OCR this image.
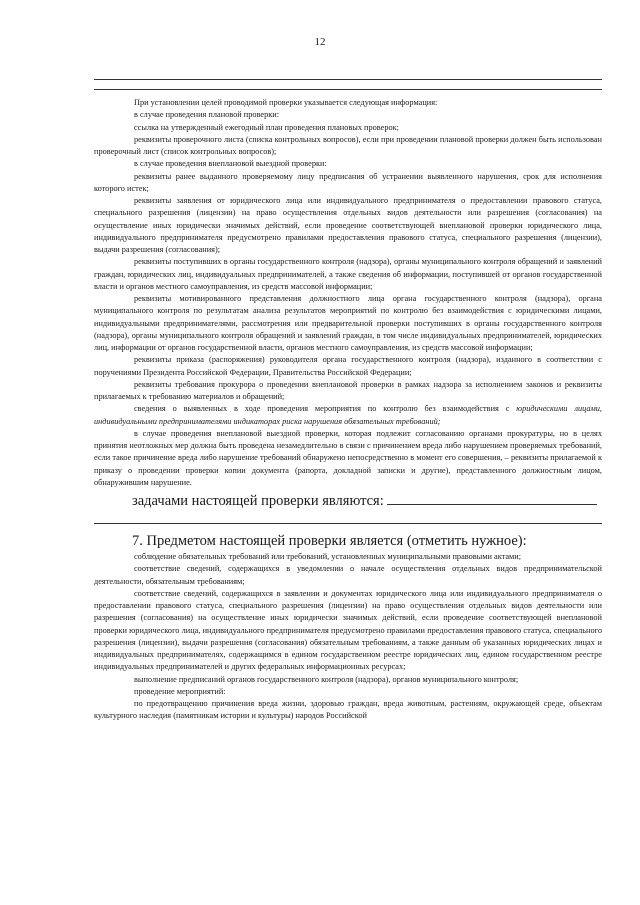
12

При установлении целей проводимой проверки указывается следующая информация:

в случае проведения плановой проверки:

ссылка на утвержденный ежегодный план проведения плановых проверок;

реквизиты проверочного листа (списка контрольных вопросов), если при проведении плановой проверки должен быть использован проверочный лист (список контрольных вопросов);

в случае проведения внеплановой выездной проверки:

реквизиты ранее выданного проверяемому лицу предписания об устранении выявленного нарушения, срок для исполнения которого истек;

реквизиты заявления от юридического лица или индивидуального предпринимателя о предоставлении правового статуса, специального разрешения (лицензии) на право осуществления отдельных видов деятельности или разрешения (согласования) на осуществление иных юридически значимых действий, если проведение соответствующей внеплановой проверки юридического лица, индивидуального предпринимателя предусмотрено правилами предоставления правового статуса, специального разрешения (лицензии), выдачи разрешения (согласования);

реквизиты поступивших в органы государственного контроля (надзора), органы муниципального контроля обращений и заявлений граждан, юридических лиц, индивидуальных предпринимателей, а также сведения об информации, поступившей от органов государственной власти и органов местного самоуправления, из средств массовой информации;

реквизиты мотивированного представления должностного лица органа государственного контроля (надзора), органа муниципального контроля по результатам анализа результатов мероприятий по контролю без взаимодействия с юридическими лицами, индивидуальными предпринимателями, рассмотрения или предварительной проверки поступивших в органы государственного контроля (надзора), органы муниципального контроля обращений и заявлений граждан, в том числе индивидуальных предпринимателей, юридических лиц, информации от органов государственной власти, органов местного самоуправления, из средств массовой информации;

реквизиты приказа (распоряжения) руководителя органа государственного контроля (надзора), изданного в соответствии с поручениями Президента Российской Федерации, Правительства Российской Федерации;

реквизиты требования прокурора о проведении внеплановой проверки в рамках надзора за исполнением законов и реквизиты прилагаемых к требованию материалов и обращений;

сведения о выявленных в ходе проведения мероприятия по контролю без взаимодействия с юридическими лицами, индивидуальными предпринимателями индикаторах риска нарушения обязательных требований;

в случае проведения внеплановой выездной проверки, которая подлежит согласованию органами прокуратуры, но в целях принятия неотложных мер должна быть проведена незамедлительно в связи с причинением вреда либо нарушением проверяемых требований, если такое причинение вреда либо нарушение требований обнаружено непосредственно в момент его совершения, – реквизиты прилагаемой к приказу о проведении проверки копии документа (рапорта, докладной записки и другие), представленного должностным лицом, обнаружившим нарушение.

задачами настоящей проверки являются:
7. Предметом настоящей проверки является (отметить нужное):

соблюдение обязательных требований или требований, установленных муниципальными правовыми актами;

соответствие сведений, содержащихся в уведомлении о начале осуществления отдельных видов предпринимательской деятельности, обязательным требованиям;

соответствие сведений, содержащихся в заявлении и документах юридического лица или индивидуального предпринимателя о предоставлении правового статуса, специального разрешения (лицензии) на право осуществления отдельных видов деятельности или разрешения (согласования) на осуществление иных юридически значимых действий, если проведение соответствующей внеплановой проверки юридического лица, индивидуального предпринимателя предусмотрено правилами предоставления правового статуса, специального разрешения (лицензии), выдачи разрешения (согласования) обязательным требованиям, а также данным об указанных юридических лицах и индивидуальных предпринимателях, содержащимся в едином государственном реестре юридических лиц, едином государственном реестре индивидуальных предпринимателей и других федеральных информационных ресурсах;

выполнение предписаний органов государственного контроля (надзора), органов муниципального контроля;

проведение мероприятий:

по предотвращению причинения вреда жизни, здоровью граждан, вреда животным, растениям, окружающей среде, объектам культурного наследия (памятникам истории и культуры) народов Российской
